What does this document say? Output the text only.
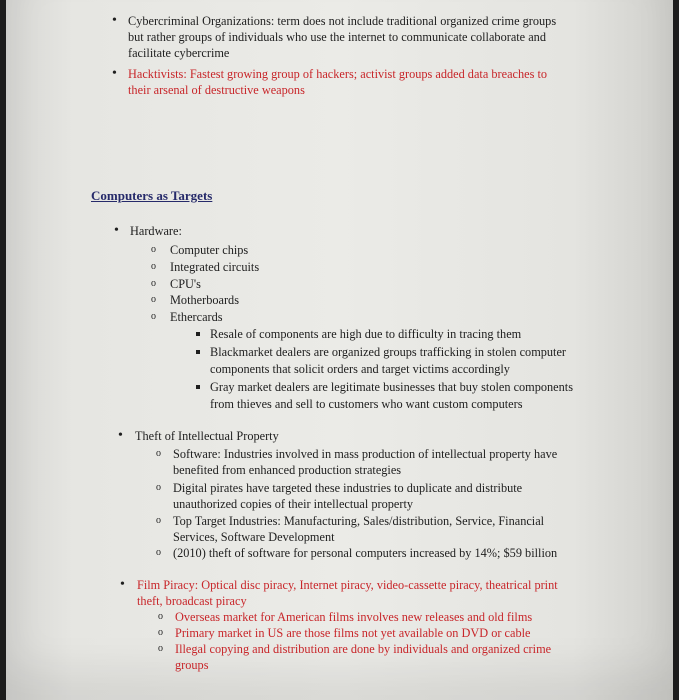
• Cybercriminal Organizations: term does not include traditional organized crime groups
but rather groups of individuals who use the internet to communicate collaborate and
facilitate cybercrime
• Hacktivists: Fastest growing group of hackers; activist groups added data breaches to
their arsenal of destructive weapons
Computers as Targets
• Hardware:
o Computer chips
o Integrated circuits
o CPU's
o Motherboards
o Ethercards
Resale of components are high due to difficulty in tracing them
Blackmarket dealers are organized groups trafficking in stolen computer
components that solicit orders and target victims accordingly
Gray market dealers are legitimate businesses that buy stolen components
from thieves and sell to customers who want custom computers
• Theft of Intellectual Property
o Software: Industries involved in mass production of intellectual property have
benefited from enhanced production strategies
o Digital pirates have targeted these industries to duplicate and distribute
unauthorized copies of their intellectual property
o Top Target Industries: Manufacturing, Sales/distribution, Service, Financial
Services, Software Development
o (2010) theft of software for personal computers increased by 14%; $59 billion
• Film Piracy: Optical disc piracy, Internet piracy, video-cassette piracy, theatrical print
theft, broadcast piracy
o Overseas market for American films involves new releases and old films
o Primary market in US are those films not yet available on DVD or cable
o Illegal copying and distribution are done by individuals and organized crime
groups
